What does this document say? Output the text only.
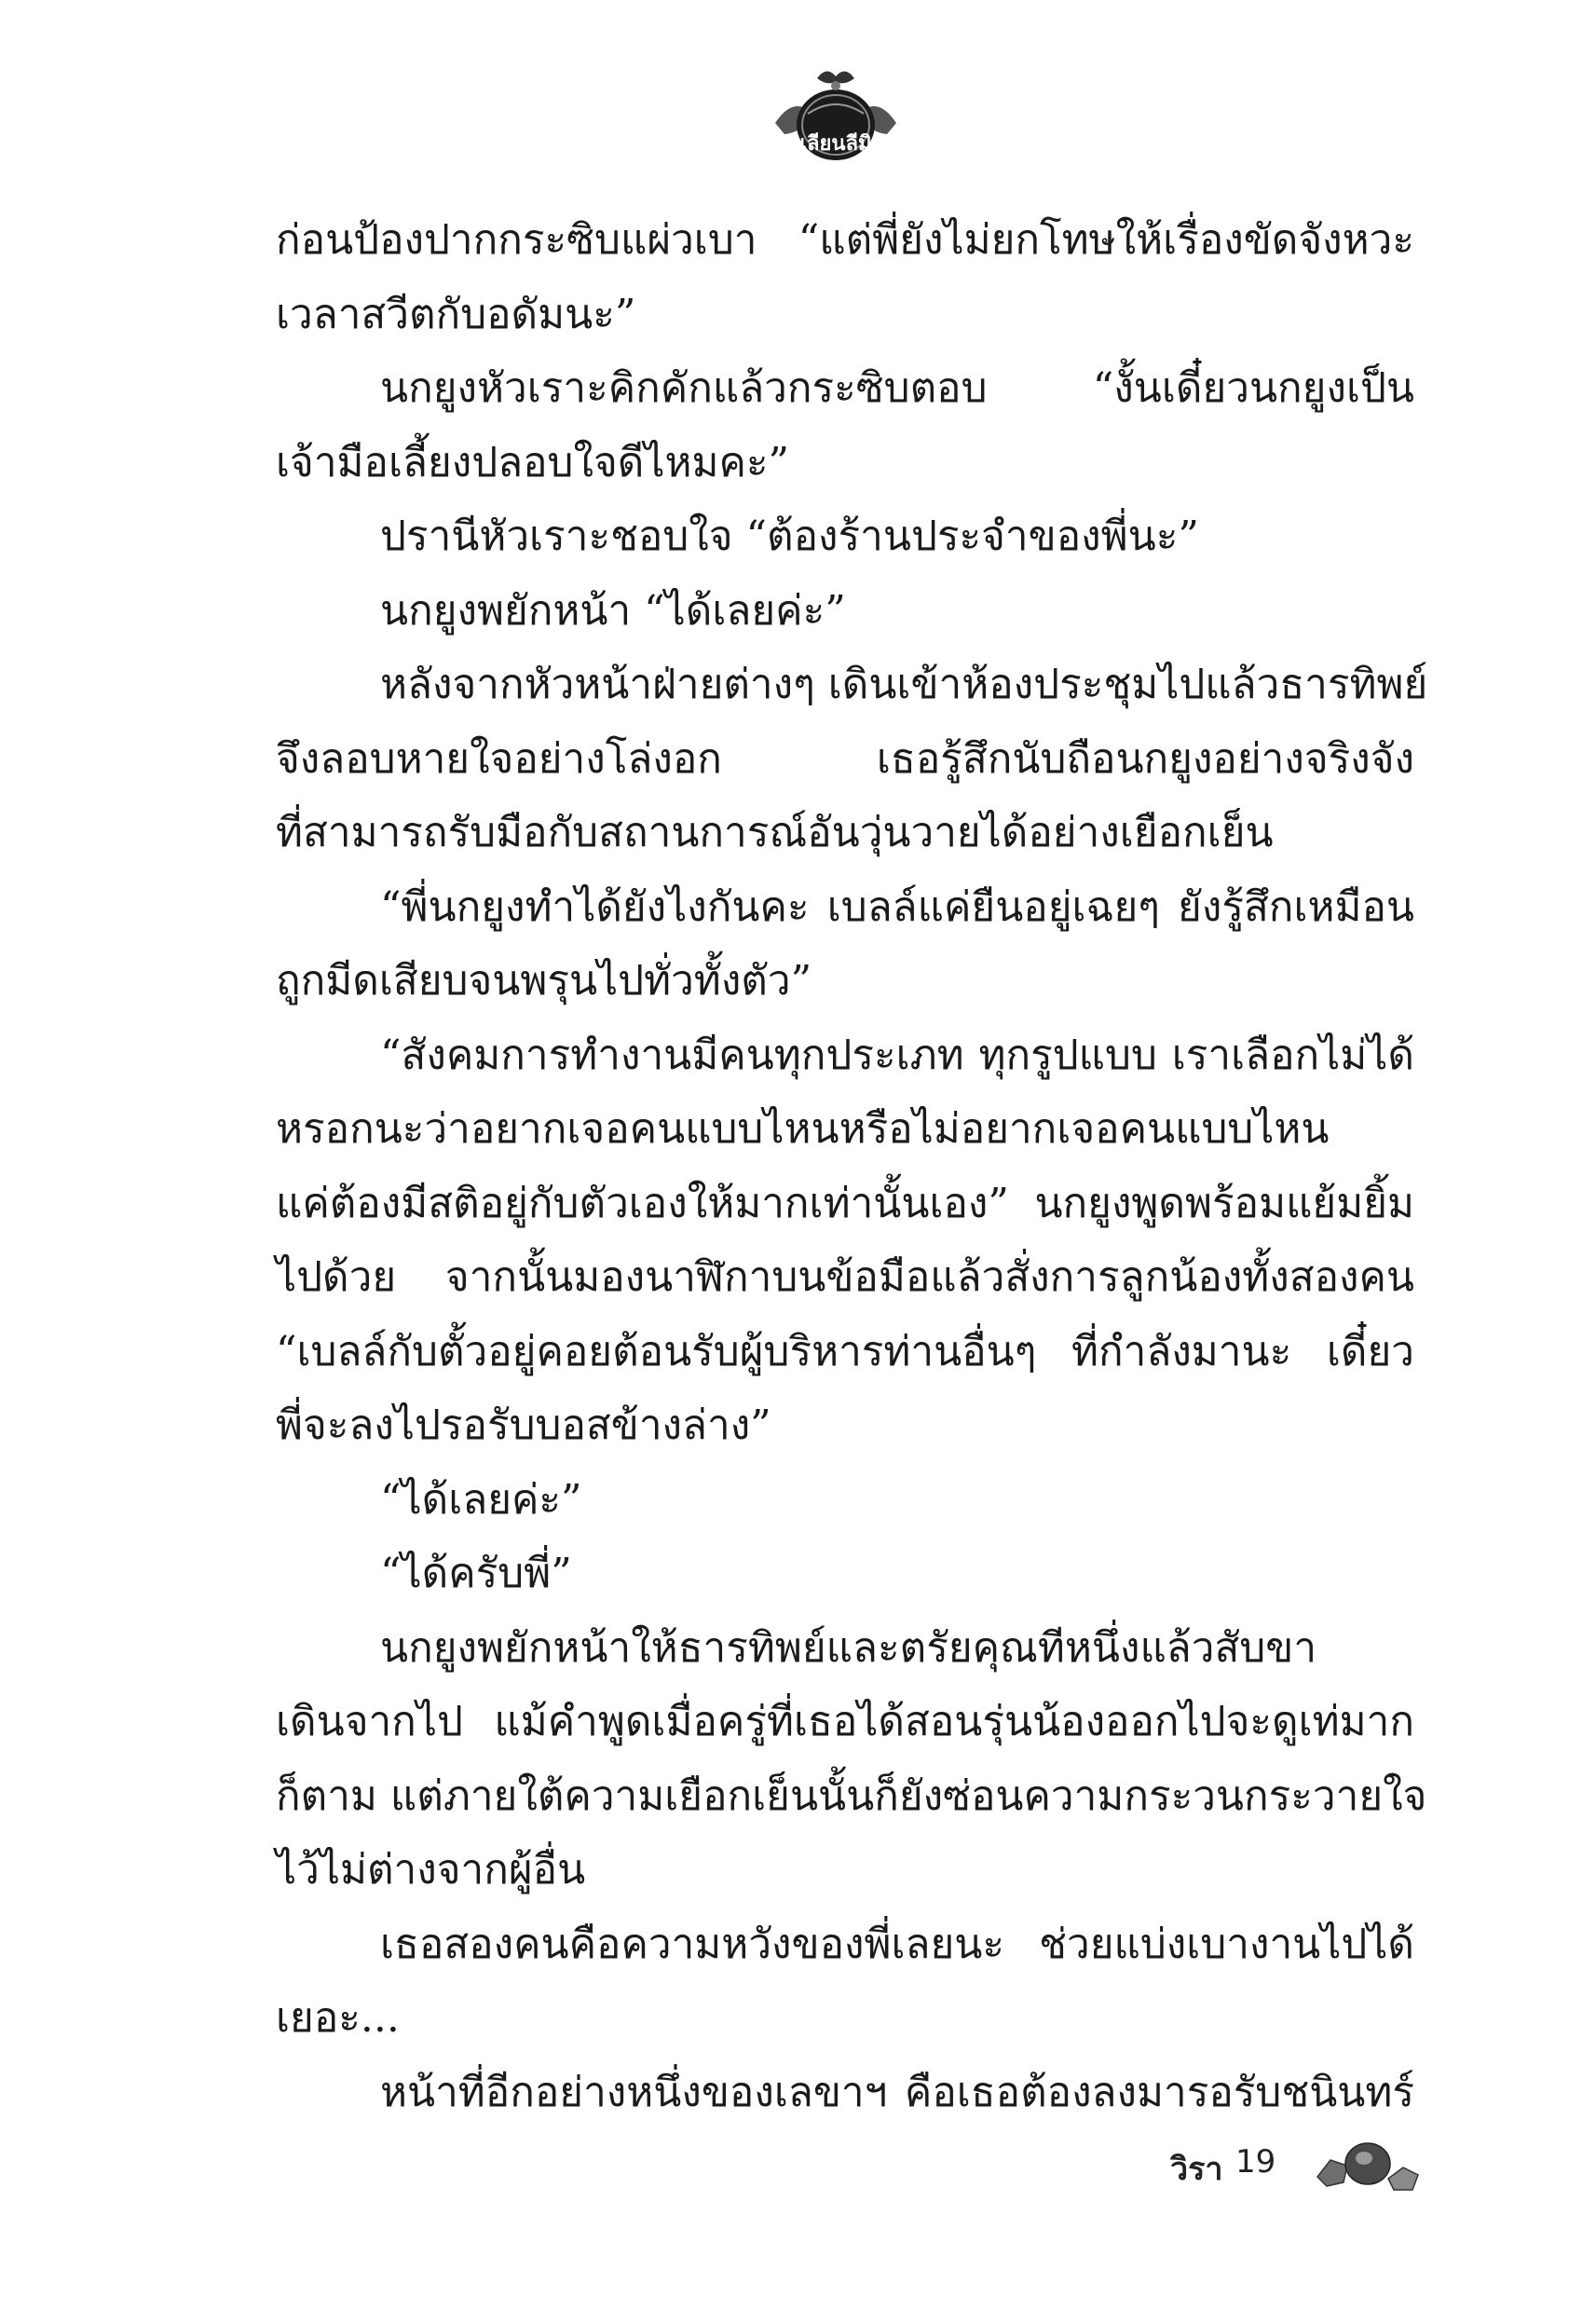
เลียนลีมิ
ก่อนป้องปากกระซิบแผ่วเบา “แต่พี่ยังไม่ยกโทษให้เรื่องขัดจังหวะ
เวลาสวีตกับอดัมนะ”
นกยูงหัวเราะคิกคักแล้วกระซิบตอบ “งั้นเดี๋ยวนกยูงเป็น
เจ้ามือเลี้ยงปลอบใจดีไหมคะ”
ปรานีหัวเราะชอบใจ “ต้องร้านประจำของพี่นะ”
นกยูงพยักหน้า “ได้เลยค่ะ”
หลังจากหัวหน้าฝ่ายต่างๆ เดินเข้าห้องประชุมไปแล้วธารทิพย์
จึงลอบหายใจอย่างโล่งอก เธอรู้สึกนับถือนกยูงอย่างจริงจัง
ที่สามารถรับมือกับสถานการณ์อันวุ่นวายได้อย่างเยือกเย็น
“พี่นกยูงทำได้ยังไงกันคะ เบลล์แค่ยืนอยู่เฉยๆ ยังรู้สึกเหมือน
ถูกมีดเสียบจนพรุนไปทั่วทั้งตัว”
“สังคมการทำงานมีคนทุกประเภท ทุกรูปแบบ เราเลือกไม่ได้
หรอกนะว่าอยากเจอคนแบบไหนหรือไม่อยากเจอคนแบบไหน
แค่ต้องมีสติอยู่กับตัวเองให้มากเท่านั้นเอง” นกยูงพูดพร้อมแย้มยิ้ม
ไปด้วย จากนั้นมองนาฬิกาบนข้อมือแล้วสั่งการลูกน้องทั้งสองคน
“เบลล์กับตั้วอยู่คอยต้อนรับผู้บริหารท่านอื่นๆ ที่กำลังมานะ เดี๋ยว
พี่จะลงไปรอรับบอสข้างล่าง”
“ได้เลยค่ะ”
“ได้ครับพี่”
นกยูงพยักหน้าให้ธารทิพย์และตรัยคุณทีหนึ่งแล้วสับขา
เดินจากไป แม้คำพูดเมื่อครู่ที่เธอได้สอนรุ่นน้องออกไปจะดูเท่มาก
ก็ตาม แต่ภายใต้ความเยือกเย็นนั้นก็ยังซ่อนความกระวนกระวายใจ
ไว้ไม่ต่างจากผู้อื่น
เธอสองคนคือความหวังของพี่เลยนะ ช่วยแบ่งเบางานไปได้
เยอะ...
หน้าที่อีกอย่างหนึ่งของเลขาฯ คือเธอต้องลงมารอรับชนินทร์
วิรา 19
